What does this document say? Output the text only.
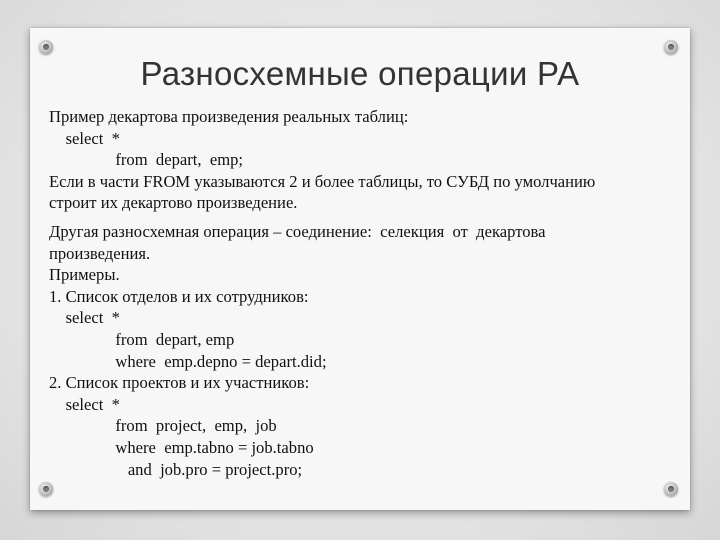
Разносхемные операции РА
Пример декартова произведения реальных таблиц:
select  *
from  depart,  emp;
Если в части FROM указываются 2 и более таблицы, то СУБД по умолчанию
строит их декартово произведение.
Другая разносхемная операция – соединение:  селекция  от  декартова
произведения.
Примеры.
1. Список отделов и их сотрудников:
select  *
from  depart, emp
where  emp.depno = depart.did;
2. Список проектов и их участников:
select  *
from  project,  emp,  job
where  emp.tabno = job.tabno
and  job.pro = project.pro;
